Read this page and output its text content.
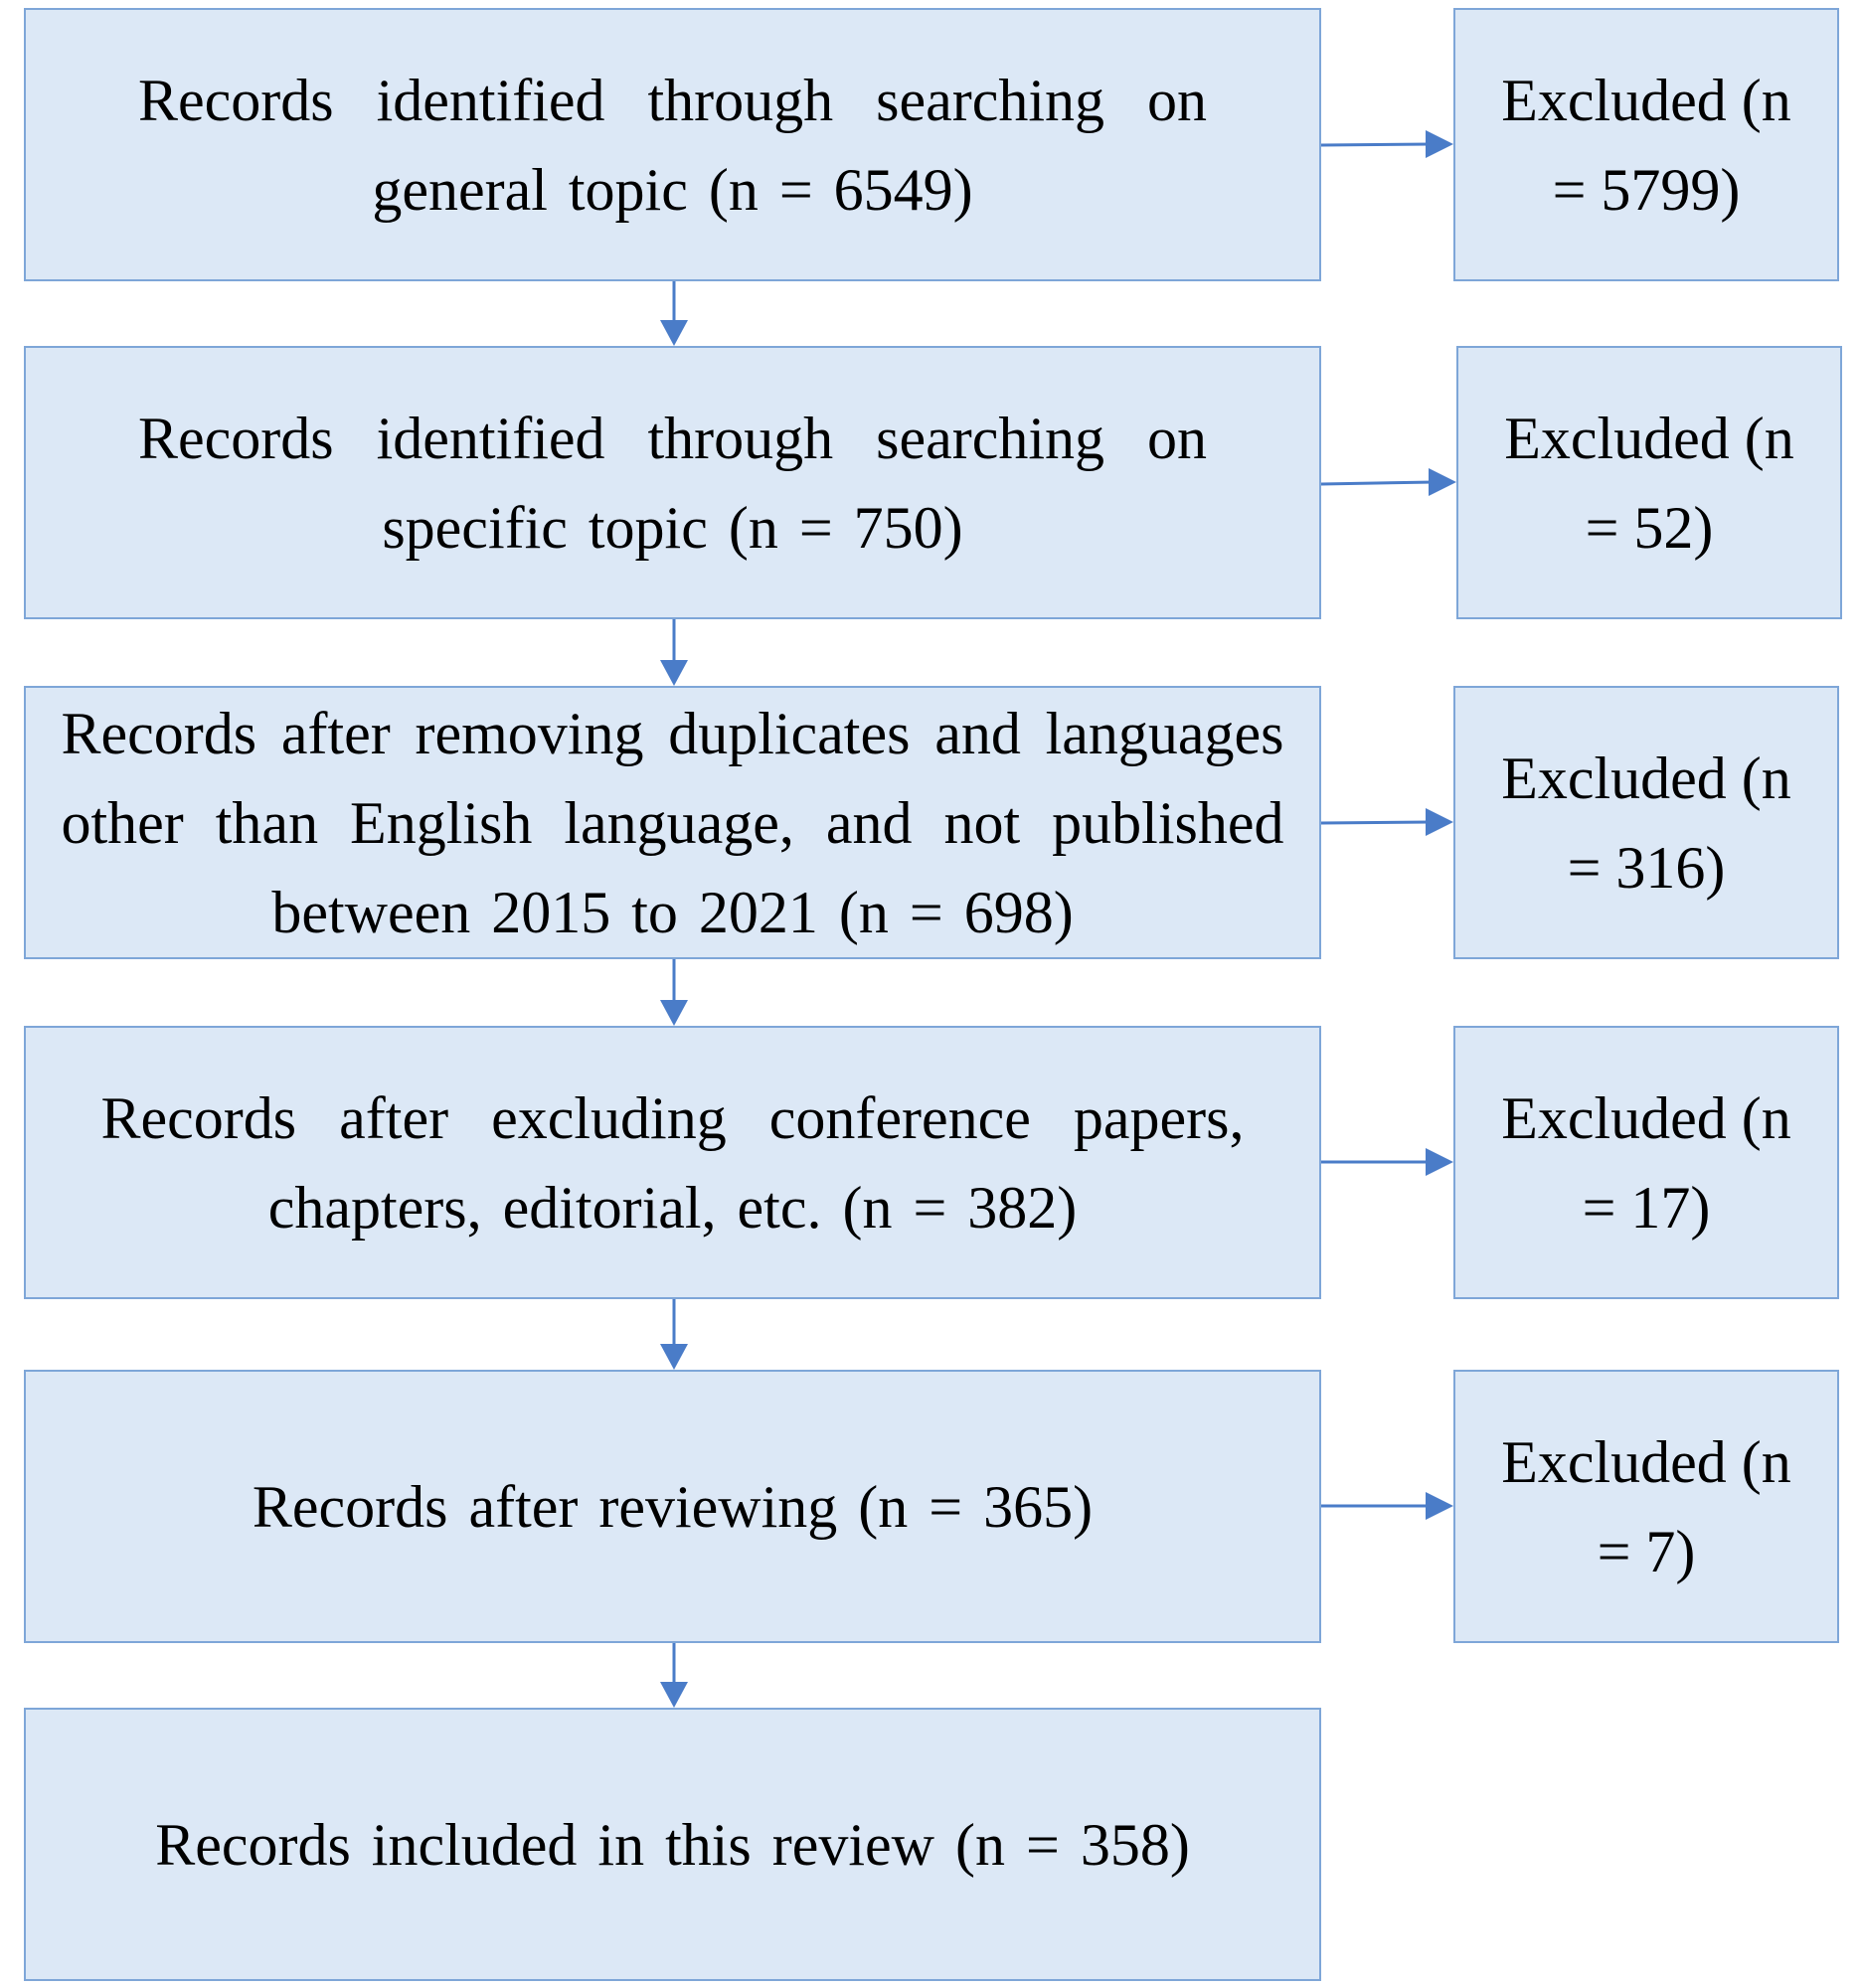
Records identified through searching on general topic (n = 6549)
Excluded (n = 5799)
Records identified through searching on specific topic (n = 750)
Excluded (n = 52)
Records after removing duplicates and languages other than English language, and not published between 2015 to 2021 (n = 698)
Excluded (n = 316)
Records after excluding conference papers, chapters, editorial, etc. (n = 382)
Excluded (n = 17)
Records after reviewing (n = 365)
Excluded (n = 7)
Records included in this review (n = 358)
